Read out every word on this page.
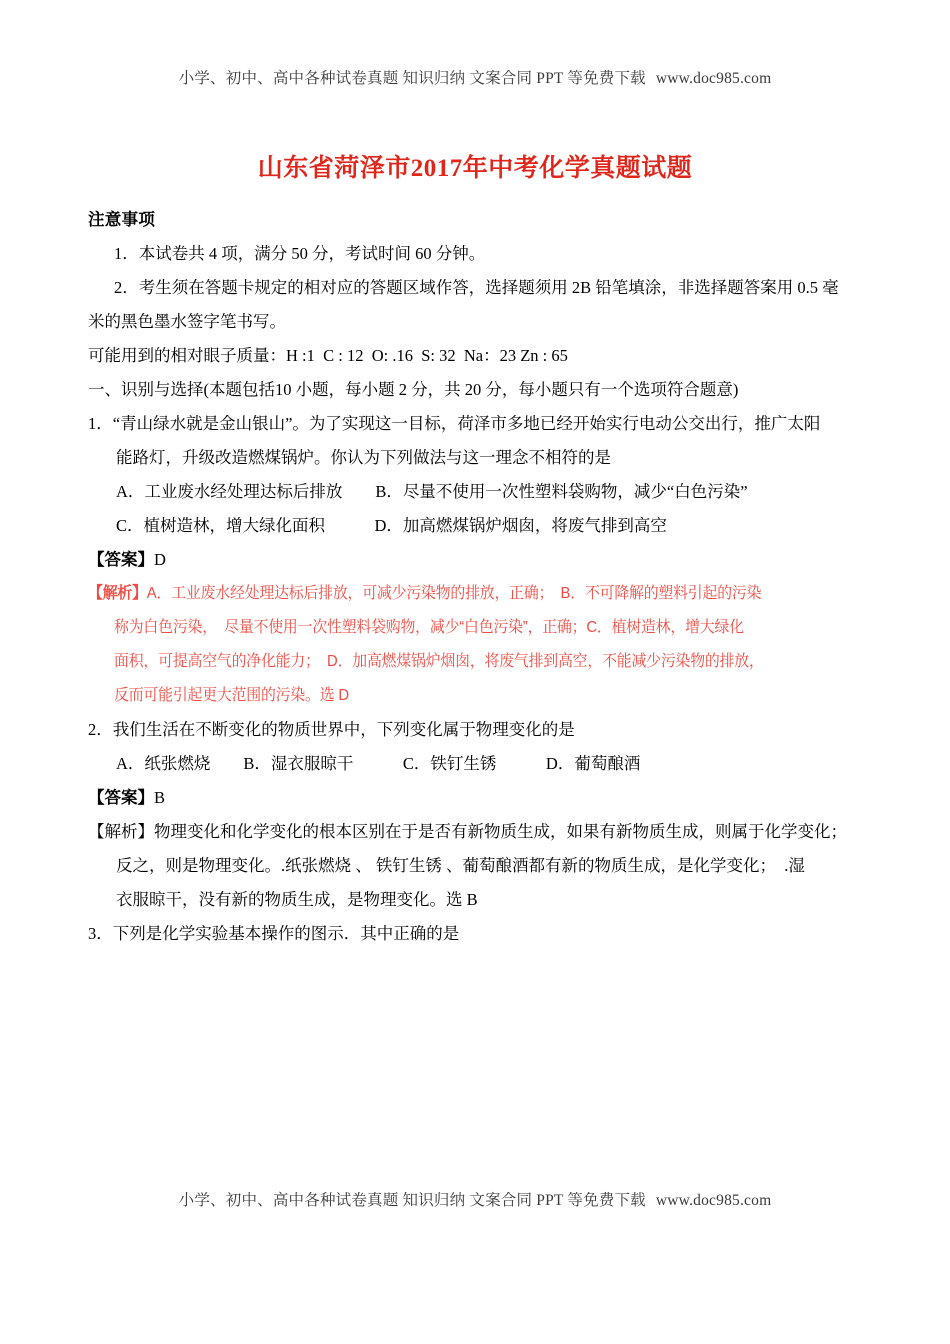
小学、初中、高中各种试卷真题 知识归纳 文案合同 PPT 等免费下载 www.doc985.com
山东省菏泽市2017年中考化学真题试题

注意事项

1．本试卷共 4 项，满分 50 分，考试时间 60 分钟。

2．考生须在答题卡规定的相对应的答题区域作答，选择题须用 2B 铅笔填涂，非选择题答案用 0.5 毫

米的黑色墨水签字笔书写。

可能用到的相对眼子质量：H :1  C : 12  O: .16  S: 32  Na：23 Zn : 65

一、识别与选择(本题包括10 小题，每小题 2 分，共 20 分，每小题只有一个选项符合题意)

1．“青山绿水就是金山银山”。为了实现这一目标，荷泽市多地已经开始实行电动公交出行，推广太阳

能路灯，升级改造燃煤锅炉。你认为下列做法与这一理念不相符的是

A．工业废水经处理达标后排放　　B．尽量不使用一次性塑料袋购物，减少“白色污染”

C．植树造林，增大绿化面积　　　D．加高燃煤锅炉烟囱，将废气排到高空

【答案】D

【解析】A．工业废水经处理达标后排放，可减少污染物的排放，正确；　B．不可降解的塑料引起的污染

称为白色污染，　尽量不使用一次性塑料袋购物，减少“白色污染”，正确；C．植树造林，增大绿化

面积，可提高空气的净化能力；　D．加高燃煤锅炉烟囱，将废气排到高空，不能减少污染物的排放，

反而可能引起更大范围的污染。选 D

2．我们生活在不断变化的物质世界中，下列变化属于物理变化的是

A．纸张燃烧　　B．湿衣服晾干　　　C．铁钉生锈　　　D．葡萄酿酒

【答案】B

【解析】物理变化和化学变化的根本区别在于是否有新物质生成，如果有新物质生成，则属于化学变化；

反之，则是物理变化。.纸张燃烧 、 铁钉生锈 、葡萄酿酒都有新的物质生成，是化学变化；　.湿

衣服晾干，没有新的物质生成，是物理变化。选 B

3．下列是化学实验基本操作的图示．其中正确的是

小学、初中、高中各种试卷真题 知识归纳 文案合同 PPT 等免费下载 www.doc985.com
